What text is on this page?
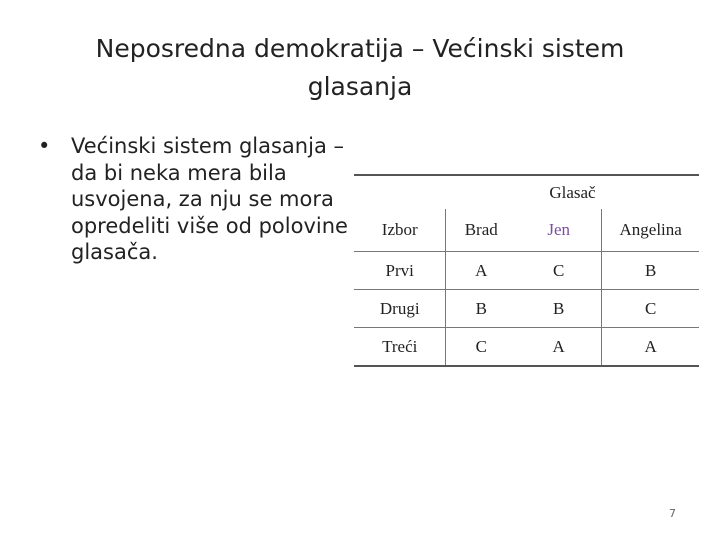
Neposredna demokratija – Većinski sistem glasanja
• Većinski sistem glasanja – da bi neka mera bila usvojena, za nju se mora opredeliti više od polovine glasača.
	Glasač		
Izbor	Brad	Jen	Angelina
Prvi	A	C	B
Drugi	B	B	C
Treći	C	A	A
7
